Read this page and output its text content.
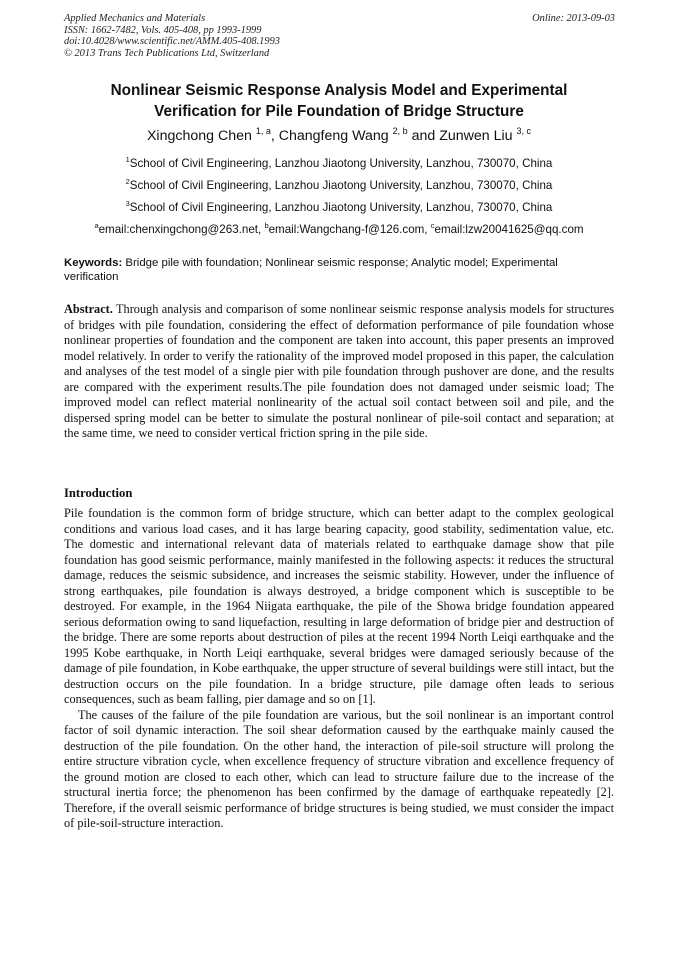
Applied Mechanics and Materials
ISSN: 1662-7482, Vols. 405-408, pp 1993-1999
doi:10.4028/www.scientific.net/AMM.405-408.1993
© 2013 Trans Tech Publications Ltd, Switzerland
Online: 2013-09-03
Nonlinear Seismic Response Analysis Model and Experimental
Verification for Pile Foundation of Bridge Structure
Xingchong Chen $^{1, a}$, Changfeng Wang $^{2, b}$ and Zunwen Liu $^{3, c}$
$^1$School of Civil Engineering, Lanzhou Jiaotong University, Lanzhou, 730070, China
$^2$School of Civil Engineering, Lanzhou Jiaotong University, Lanzhou, 730070, China
$^3$School of Civil Engineering, Lanzhou Jiaotong University, Lanzhou, 730070, China
$^a$email:chenxingchong@263.net, $^b$email:Wangchang-f@126.com, $^c$email:lzw20041625@qq.com
Keywords: Bridge pile with foundation; Nonlinear seismic response; Analytic model; Experimental verification
Abstract. Through analysis and comparison of some nonlinear seismic response analysis models for structures of bridges with pile foundation, considering the effect of deformation performance of pile foundation whose nonlinear properties of foundation and the component are taken into account, this paper presents an improved model relatively. In order to verify the rationality of the improved model proposed in this paper, the calculation and analyses of the test model of a single pier with pile foundation through pushover are done, and the results are compared with the experiment results.The pile foundation does not damaged under seismic load; The improved model can reflect material nonlinearity of the actual soil contact between soil and pile, and the dispersed spring model can be better to simulate the postural nonlinear of pile-soil contact and separation; at the same time, we need to consider vertical friction spring in the pile side.
Introduction

Pile foundation is the common form of bridge structure, which can better adapt to the complex geological conditions and various load cases, and it has large bearing capacity, good stability, sedimentation value, etc. The domestic and international relevant data of materials related to earthquake damage show that pile foundation has good seismic performance, mainly manifested in the following aspects: it reduces the structural damage, reduces the seismic subsidence, and increases the seismic stability. However, under the influence of strong earthquakes, pile foundation is always destroyed, a bridge component which is susceptible to be destroyed. For example, in the 1964 Niigata earthquake, the pile of the Showa bridge foundation appeared serious deformation owing to sand liquefaction, resulting in large deformation of bridge pier and destruction of the bridge. There are some reports about destruction of piles at the recent 1994 North Leiqi earthquake and the 1995 Kobe earthquake, in North Leiqi earthquake, several bridges were damaged seriously because of the damage of pile foundation, in Kobe earthquake, the upper structure of several buildings were still intact, but the destruction occurs on the pile foundation. In a bridge structure, pile damage often leads to serious consequences, such as beam falling, pier damage and so on [1].

The causes of the failure of the pile foundation are various, but the soil nonlinear is an important control factor of soil dynamic interaction. The soil shear deformation caused by the earthquake mainly caused the destruction of the pile foundation. On the other hand, the interaction of pile-soil structure will prolong the entire structure vibration cycle, when excellence frequency of structure vibration and excellence frequency of the ground motion are closed to each other, which can lead to structure failure due to the increase of the structural inertia force; the phenomenon has been confirmed by the damage of earthquake repeatedly [2]. Therefore, if the overall seismic performance of bridge structures is being studied, we must consider the impact of pile-soil-structure interaction.
